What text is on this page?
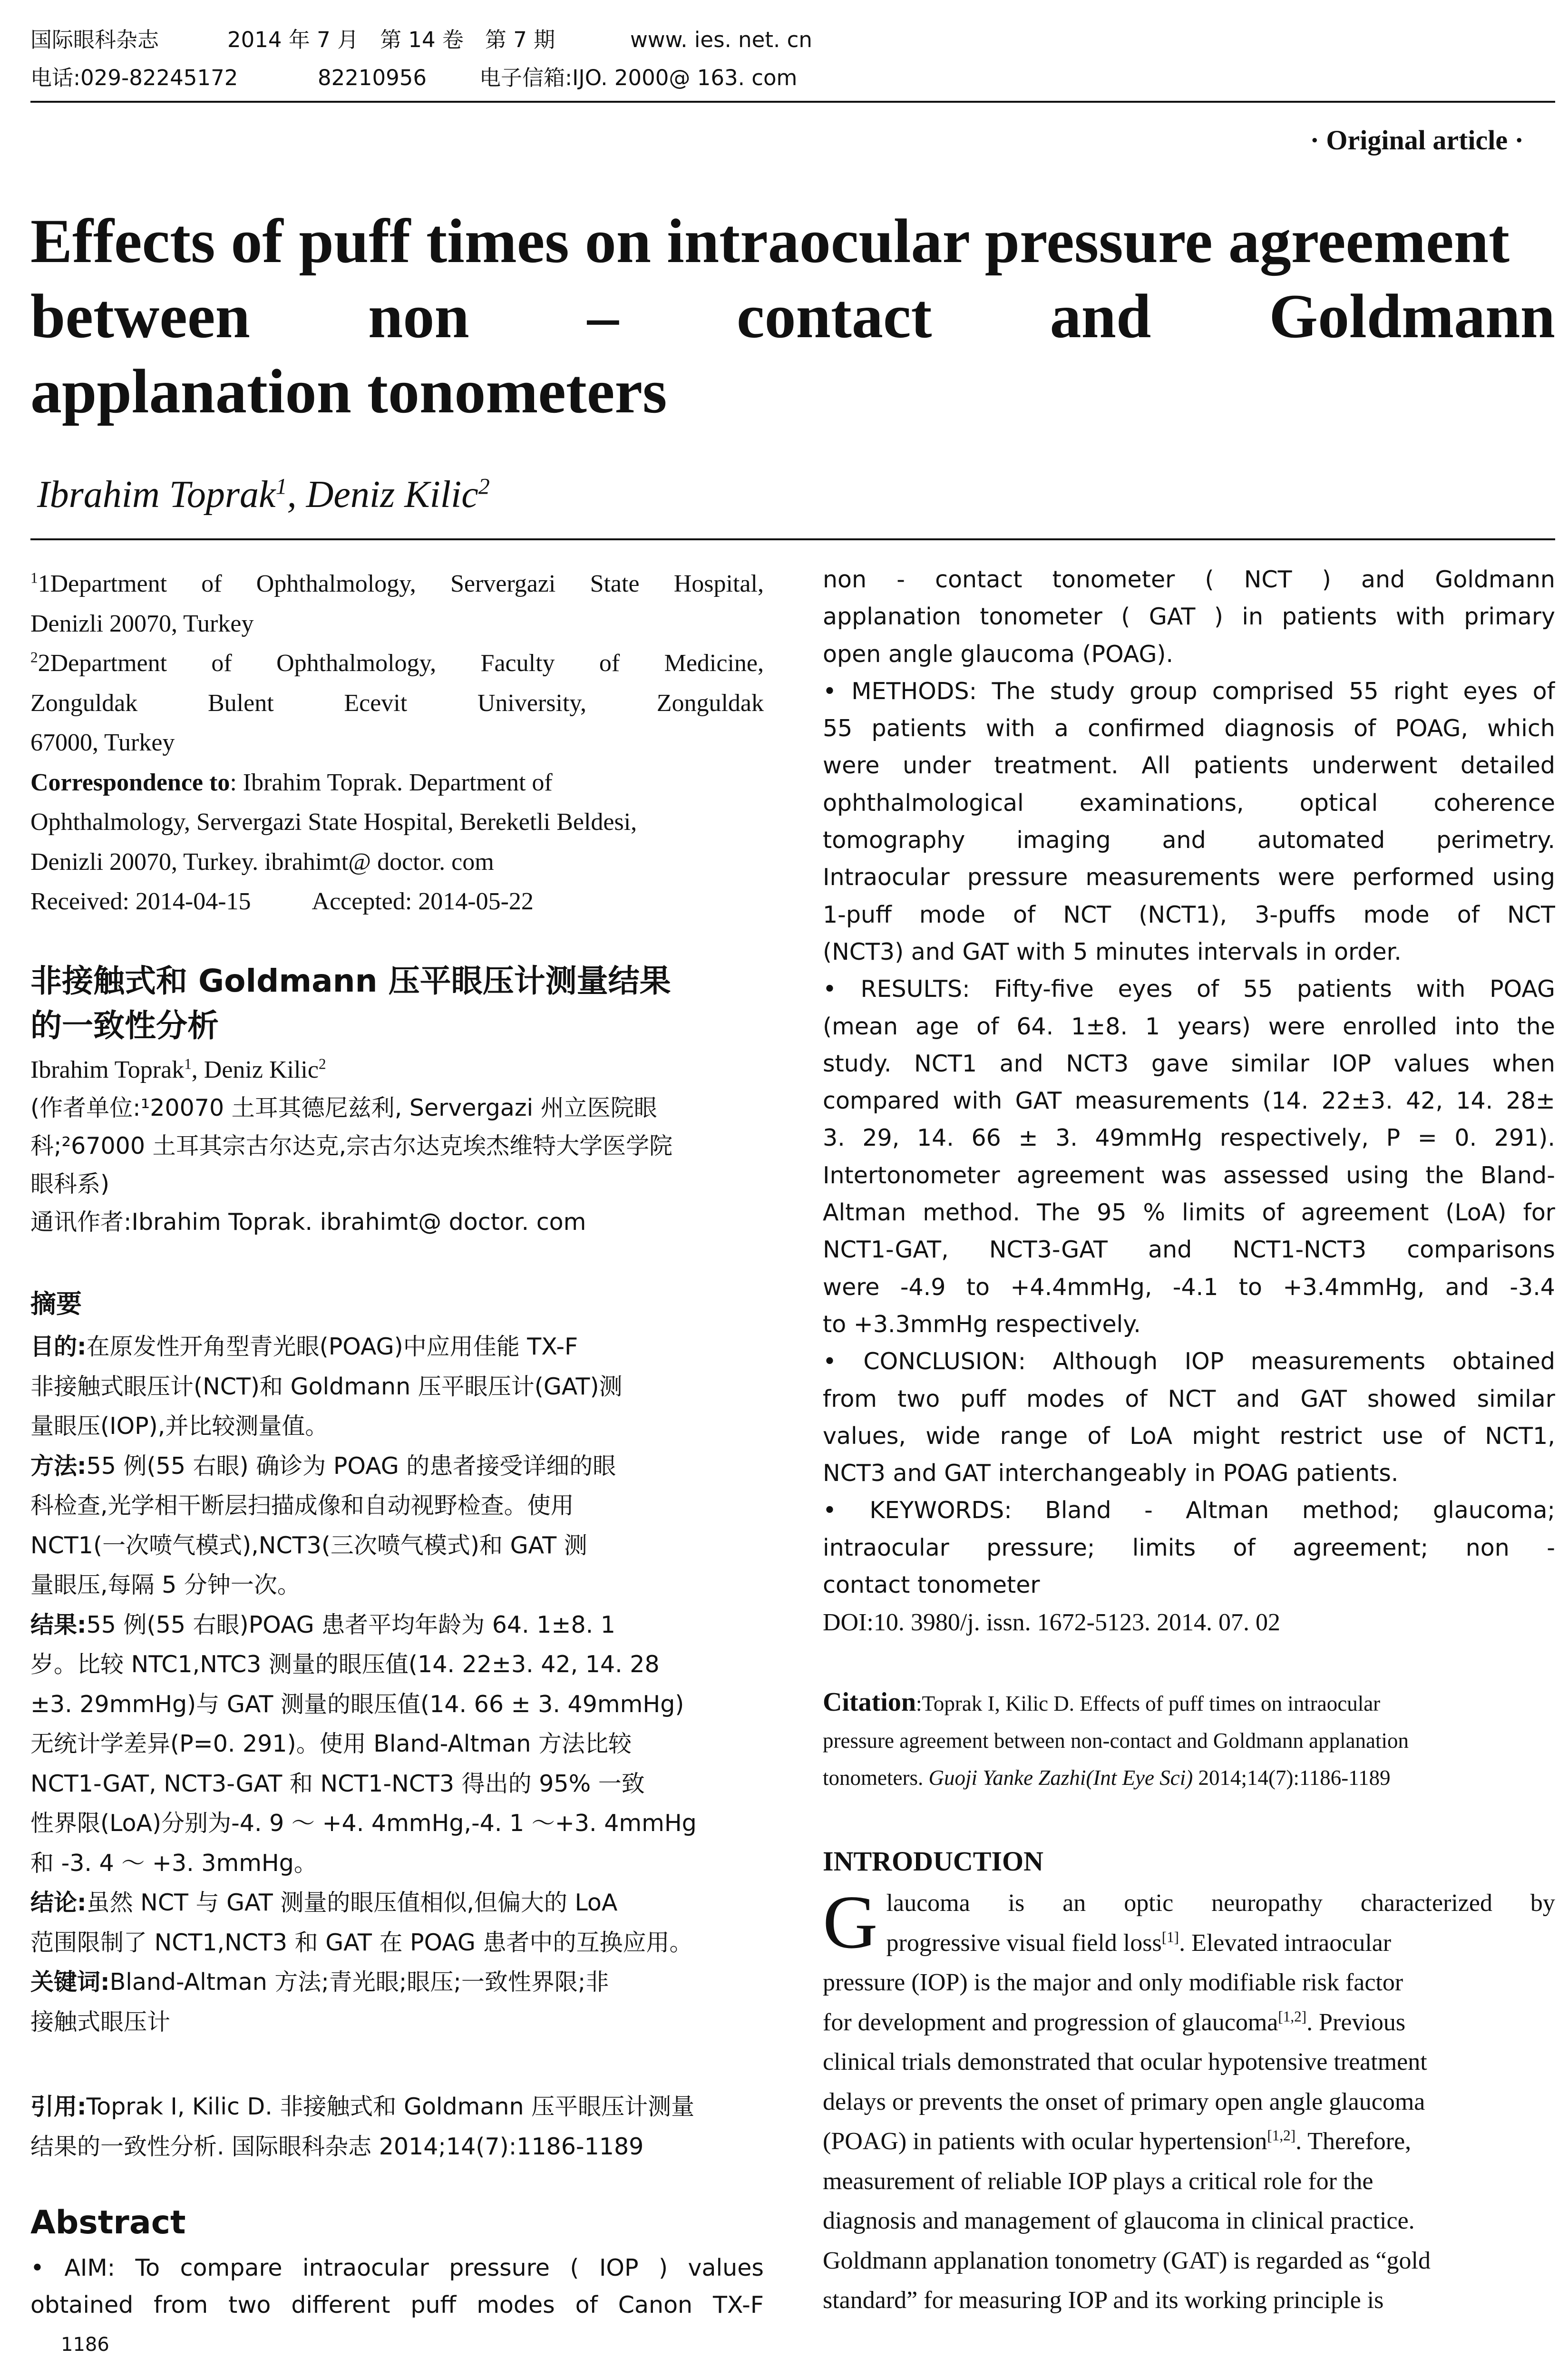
国际眼科杂志	2014 年 7 月　第 14 卷　第 7 期	www. ies. net. cn
电话:029-82245172	82210956 电子信箱:IJO. 2000@ 163. com
· Original article ·
Effects of puff times on intraocular pressure agreement
between non – contact and Goldmann
applanation tonometers
Ibrahim Toprak$^1$, Deniz Kilic$^2$
$^1$1Department of Ophthalmology, Servergazi State Hospital,
Denizli 20070, Turkey
$^2$2Department of Ophthalmology, Faculty of Medicine,
Zonguldak	Bulent	Ecevit	University,	Zonguldak
67000, Turkey
Correspondence to: Ibrahim Toprak. Department of
Ophthalmology, Servergazi State Hospital, Bereketli Beldesi,
Denizli 20070, Turkey. ibrahimt@ doctor. com
Received: 2014-04-15 Accepted: 2014-05-22
非接触式和 Goldmann 压平眼压计测量结果
的一致性分析
Ibrahim Toprak$^1$, Deniz Kilic$^2$
(作者单位:¹20070 土耳其德尼兹利, Servergazi 州立医院眼
科;²67000 土耳其宗古尔达克,宗古尔达克埃杰维特大学医学院
眼科系)
通讯作者:Ibrahim Toprak. ibrahimt@ doctor. com
摘要
目的:在原发性开角型青光眼(POAG)中应用佳能 TX-F
非接触式眼压计(NCT)和 Goldmann 压平眼压计(GAT)测
量眼压(IOP),并比较测量值。
方法:55 例(55 右眼) 确诊为 POAG 的患者接受详细的眼
科检查,光学相干断层扫描成像和自动视野检查。使用
NCT1(一次喷气模式),NCT3(三次喷气模式)和 GAT 测
量眼压,每隔 5 分钟一次。
结果:55 例(55 右眼)POAG 患者平均年龄为 64. 1±8. 1
岁。比较 NTC1,NTC3 测量的眼压值(14. 22±3. 42, 14. 28
±3. 29mmHg)与 GAT 测量的眼压值(14. 66 ± 3. 49mmHg)
无统计学差异(P=0. 291)。使用 Bland-Altman 方法比较
NCT1-GAT, NCT3-GAT 和 NCT1-NCT3 得出的 95% 一致
性界限(LoA)分别为-4. 9 ～ +4. 4mmHg,-4. 1 ～+3. 4mmHg
和 -3. 4 ～ +3. 3mmHg。
结论:虽然 NCT 与 GAT 测量的眼压值相似,但偏大的 LoA
范围限制了 NCT1,NCT3 和 GAT 在 POAG 患者中的互换应用。
关键词:Bland-Altman 方法;青光眼;眼压;一致性界限;非
接触式眼压计
引用:Toprak I, Kilic D. 非接触式和 Goldmann 压平眼压计测量
结果的一致性分析. 国际眼科杂志 2014;14(7):1186-1189
Abstract
• AIM: To compare intraocular pressure ( IOP ) values
obtained from two different puff modes of Canon TX-F
1186
non - contact tonometer ( NCT ) and Goldmann
applanation tonometer ( GAT ) in patients with primary
open angle glaucoma (POAG).
• METHODS: The study group comprised 55 right eyes of
55 patients with a confirmed diagnosis of POAG, which
were under treatment. All patients underwent detailed
ophthalmological examinations, optical coherence
tomography imaging and automated perimetry.
Intraocular pressure measurements were performed using
1-puff mode of NCT (NCT1), 3-puffs mode of NCT
(NCT3) and GAT with 5 minutes intervals in order.
• RESULTS: Fifty-five eyes of 55 patients with POAG
(mean age of 64. 1±8. 1 years) were enrolled into the
study. NCT1 and NCT3 gave similar IOP values when
compared with GAT measurements (14. 22±3. 42, 14. 28±
3. 29, 14. 66 ± 3. 49mmHg respectively, P = 0. 291).
Intertonometer agreement was assessed using the Bland-
Altman method. The 95 % limits of agreement (LoA) for
NCT1-GAT, NCT3-GAT and NCT1-NCT3 comparisons
were -4.9 to +4.4mmHg, -4.1 to +3.4mmHg, and -3.4
to +3.3mmHg respectively.
• CONCLUSION: Although IOP measurements obtained
from two puff modes of NCT and GAT showed similar
values, wide range of LoA might restrict use of NCT1,
NCT3 and GAT interchangeably in POAG patients.
• KEYWORDS: Bland - Altman method; glaucoma;
intraocular pressure; limits of agreement; non -
contact tonometer
DOI:10. 3980/j. issn. 1672-5123. 2014. 07. 02
Citation:Toprak I, Kilic D. Effects of puff times on intraocular
pressure agreement between non-contact and Goldmann applanation
tonometers. Guoji Yanke Zazhi(Int Eye Sci) 2014;14(7):1186-1189
INTRODUCTION
G laucoma is an optic neuropathy characterized by
progressive visual field loss[1]. Elevated intraocular
pressure (IOP) is the major and only modifiable risk factor
for development and progression of glaucoma[1,2]. Previous
clinical trials demonstrated that ocular hypotensive treatment
delays or prevents the onset of primary open angle glaucoma
(POAG) in patients with ocular hypertension[1,2]. Therefore,
measurement of reliable IOP plays a critical role for the
diagnosis and management of glaucoma in clinical practice.
Goldmann applanation tonometry (GAT) is regarded as “gold
standard” for measuring IOP and its working principle is
